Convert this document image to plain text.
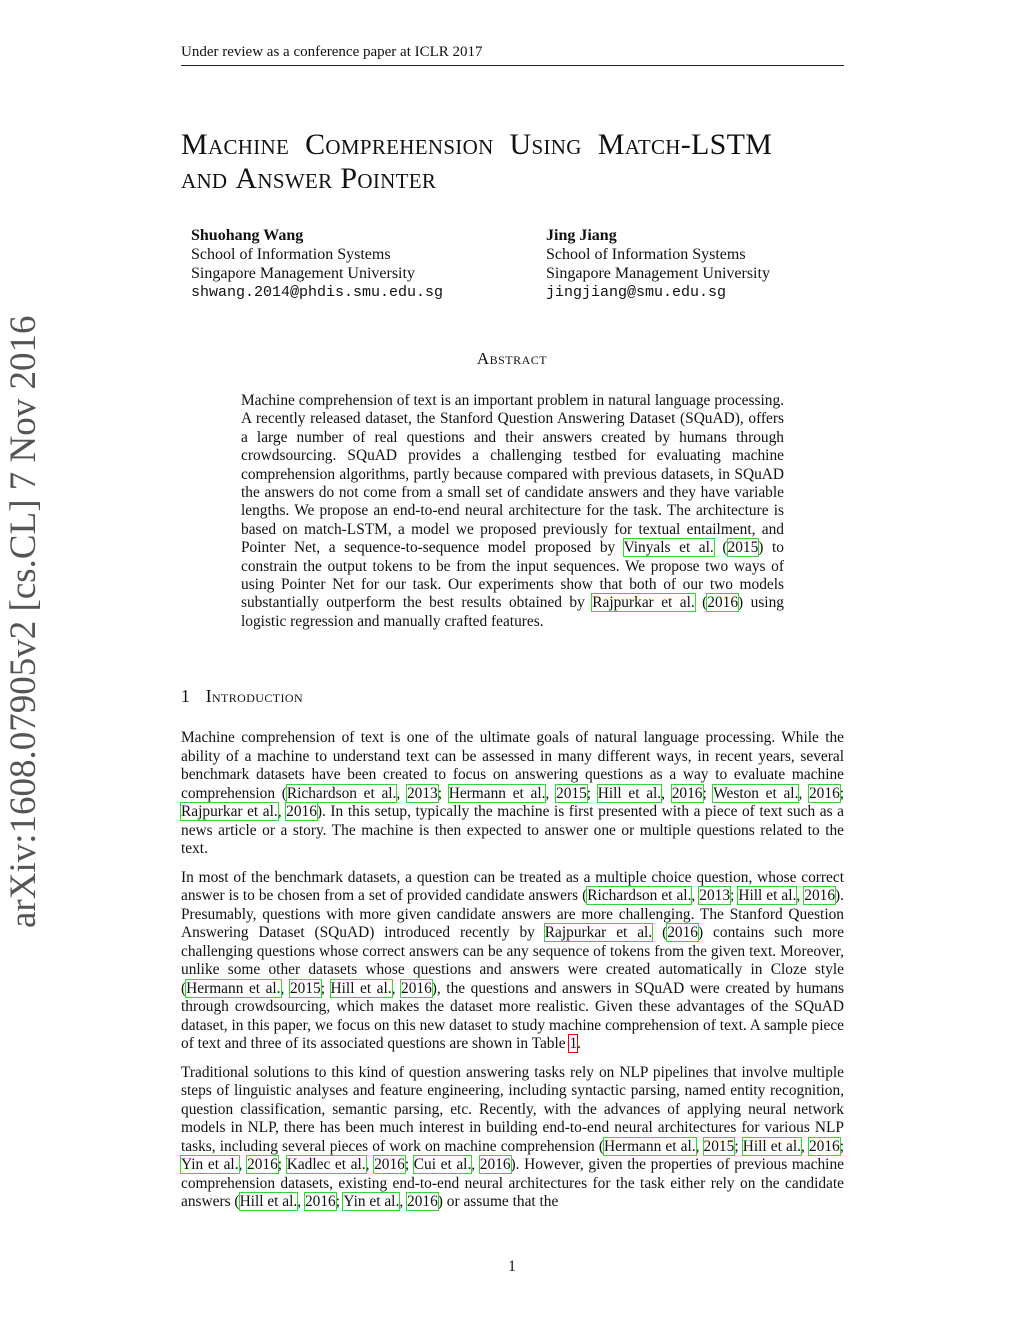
Under review as a conference paper at ICLR 2017
arXiv:1608.07905v2 [cs.CL] 7 Nov 2016
Machine Comprehension Using Match-LSTM
and Answer Pointer
Shuohang Wang
School of Information Systems
Singapore Management University
shwang.2014@phdis.smu.edu.sg
Jing Jiang
School of Information Systems
Singapore Management University
jingjiang@smu.edu.sg
Abstract
Machine comprehension of text is an important problem in natural language processing. A recently released dataset, the Stanford Question Answering Dataset (SQuAD), offers a large number of real questions and their answers created by humans through crowdsourcing. SQuAD provides a challenging testbed for evaluating machine comprehension algorithms, partly because compared with previous datasets, in SQuAD the answers do not come from a small set of candidate answers and they have variable lengths. We propose an end-to-end neural architecture for the task. The architecture is based on match-LSTM, a model we proposed previously for textual entailment, and Pointer Net, a sequence-to-sequence model proposed by Vinyals et al. (2015) to constrain the output tokens to be from the input sequences. We propose two ways of using Pointer Net for our task. Our experiments show that both of our two models substantially outperform the best results obtained by Rajpurkar et al. (2016) using logistic regression and manually crafted features.
1 Introduction

Machine comprehension of text is one of the ultimate goals of natural language processing. While the ability of a machine to understand text can be assessed in many different ways, in recent years, several benchmark datasets have been created to focus on answering questions as a way to evaluate machine comprehension (Richardson et al., 2013; Hermann et al., 2015; Hill et al., 2016; Weston et al., 2016; Rajpurkar et al., 2016). In this setup, typically the machine is first presented with a piece of text such as a news article or a story. The machine is then expected to answer one or multiple questions related to the text.

In most of the benchmark datasets, a question can be treated as a multiple choice question, whose correct answer is to be chosen from a set of provided candidate answers (Richardson et al., 2013; Hill et al., 2016). Presumably, questions with more given candidate answers are more challenging. The Stanford Question Answering Dataset (SQuAD) introduced recently by Rajpurkar et al. (2016) contains such more challenging questions whose correct answers can be any sequence of tokens from the given text. Moreover, unlike some other datasets whose questions and answers were created automatically in Cloze style (Hermann et al., 2015; Hill et al., 2016), the questions and answers in SQuAD were created by humans through crowdsourcing, which makes the dataset more realistic. Given these advantages of the SQuAD dataset, in this paper, we focus on this new dataset to study machine comprehension of text. A sample piece of text and three of its associated questions are shown in Table 1.

Traditional solutions to this kind of question answering tasks rely on NLP pipelines that involve multiple steps of linguistic analyses and feature engineering, including syntactic parsing, named entity recognition, question classification, semantic parsing, etc. Recently, with the advances of applying neural network models in NLP, there has been much interest in building end-to-end neural architectures for various NLP tasks, including several pieces of work on machine comprehension (Hermann et al., 2015; Hill et al., 2016; Yin et al., 2016; Kadlec et al., 2016; Cui et al., 2016). However, given the properties of previous machine comprehension datasets, existing end-to-end neural architectures for the task either rely on the candidate answers (Hill et al., 2016; Yin et al., 2016) or assume that the

1
